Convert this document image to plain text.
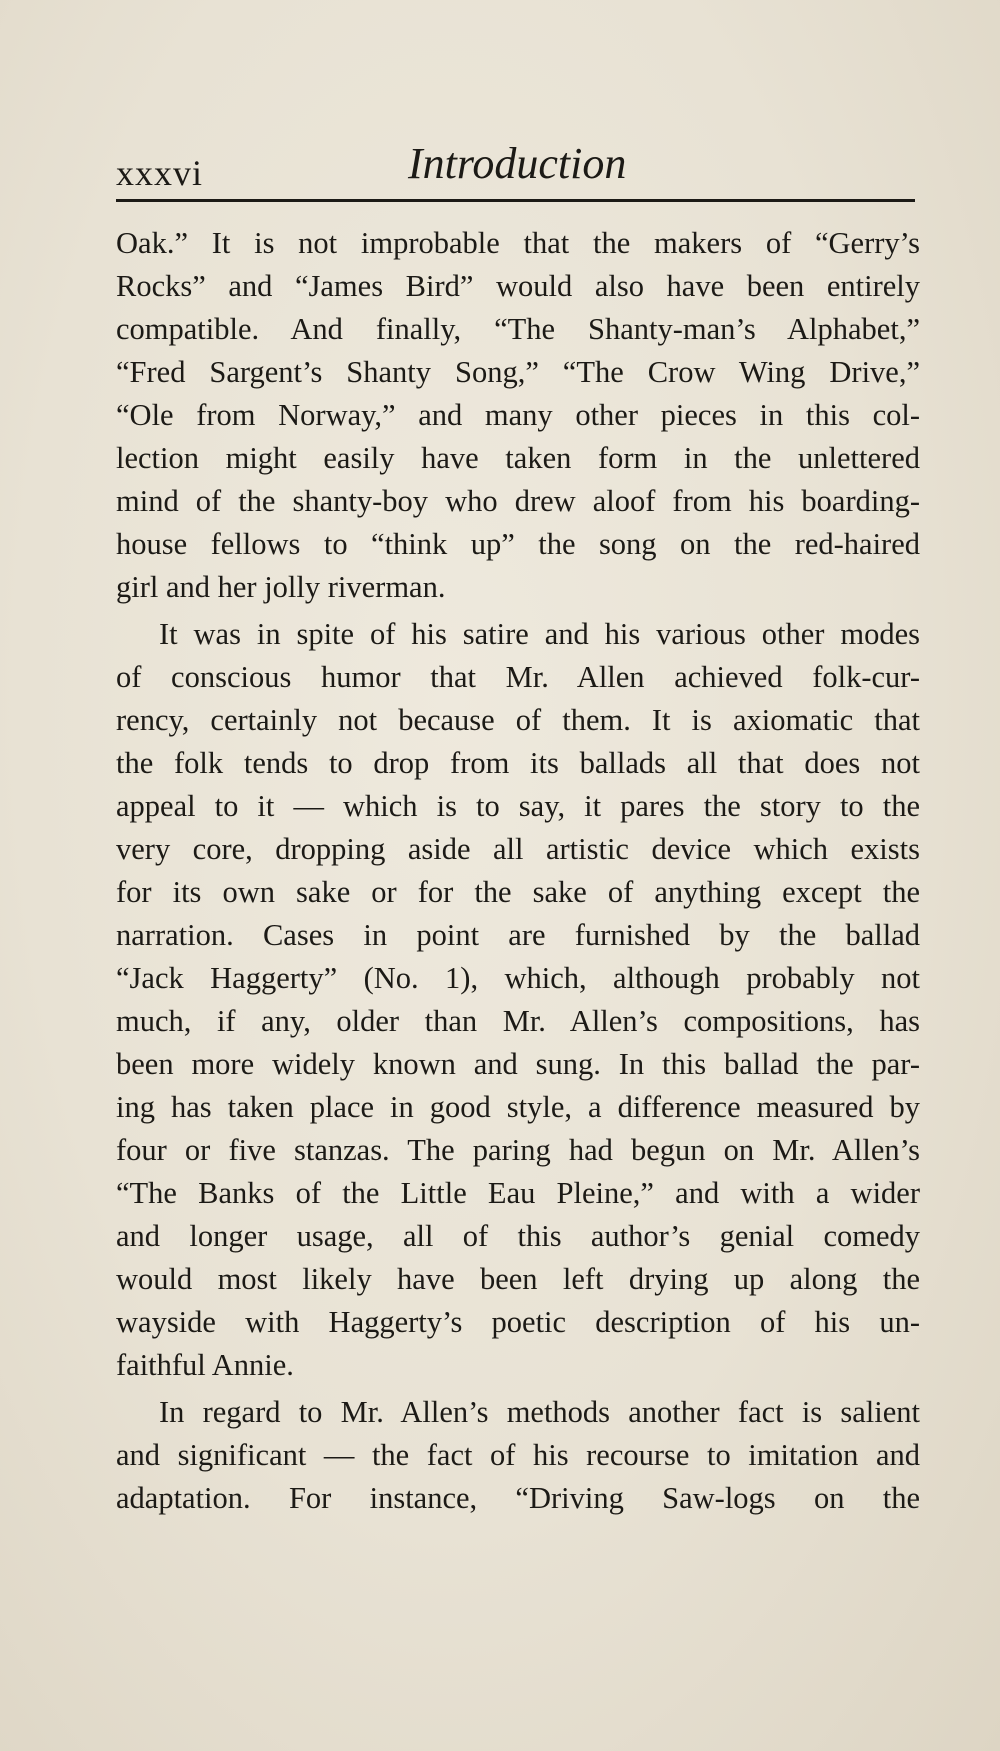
xxxvi	Introduction
Oak.” It is not improbable that the makers of “Gerry’s
Rocks” and “James Bird” would also have been entirely
compatible. And finally, “The Shanty-man’s Alphabet,”
“Fred Sargent’s Shanty Song,” “The Crow Wing Drive,”
“Ole from Norway,” and many other pieces in this col-
lection might easily have taken form in the unlettered
mind of the shanty-boy who drew aloof from his boarding-
house fellows to “think up” the song on the red-haired
girl and her jolly riverman.
It was in spite of his satire and his various other modes
of conscious humor that Mr. Allen achieved folk-cur-
rency, certainly not because of them. It is axiomatic that
the folk tends to drop from its ballads all that does not
appeal to it — which is to say, it pares the story to the
very core, dropping aside all artistic device which exists
for its own sake or for the sake of anything except the
narration. Cases in point are furnished by the ballad
“Jack Haggerty” (No. 1), which, although probably not
much, if any, older than Mr. Allen’s compositions, has
been more widely known and sung. In this ballad the par-
ing has taken place in good style, a difference measured by
four or five stanzas. The paring had begun on Mr. Allen’s
“The Banks of the Little Eau Pleine,” and with a wider
and longer usage, all of this author’s genial comedy
would most likely have been left drying up along the
wayside with Haggerty’s poetic description of his un-
faithful Annie.
In regard to Mr. Allen’s methods another fact is salient
and significant — the fact of his recourse to imitation and
adaptation. For instance, “Driving Saw-logs on the
